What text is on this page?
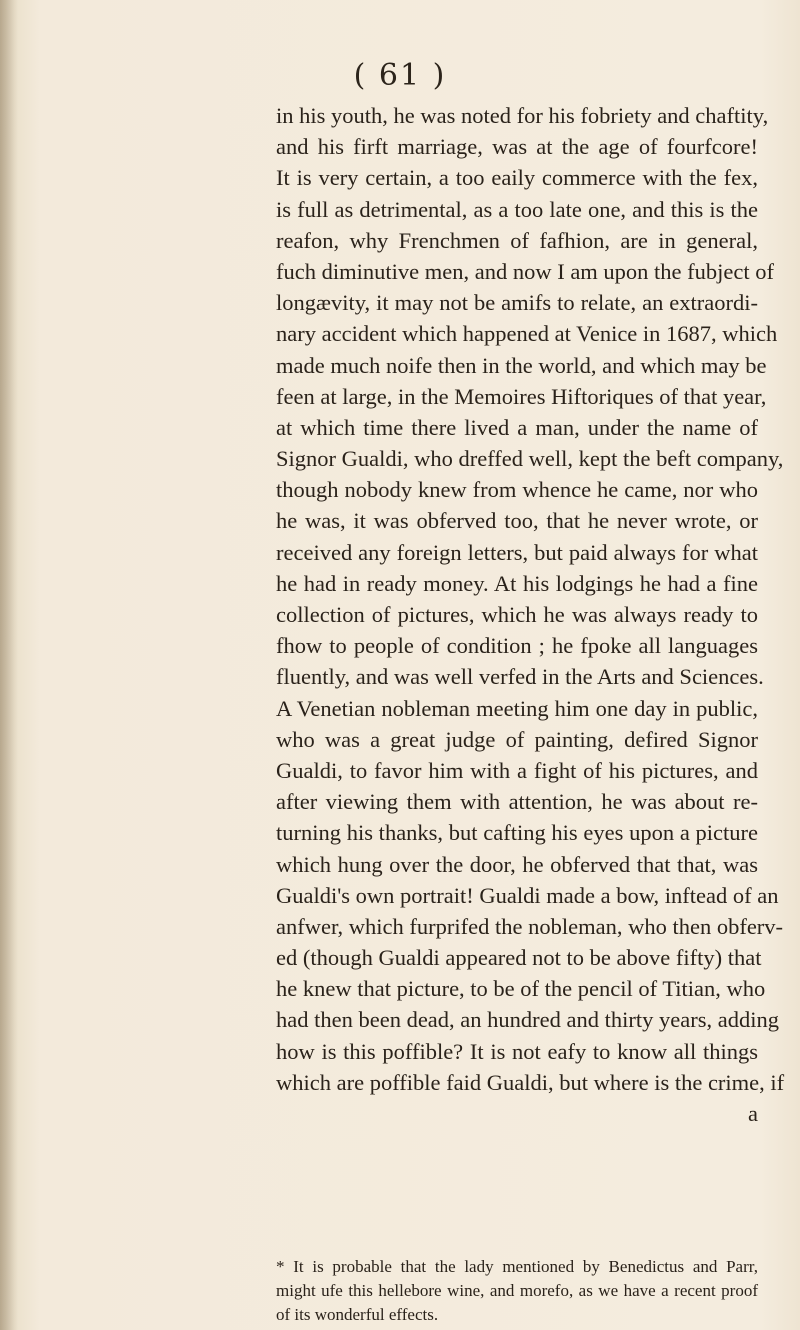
( 61 )
in his youth, he was noted for his fobriety and chaftity,
and his firft marriage, was at the age of fourfcore!
It is very certain, a too eaily commerce with the fex,
is full as detrimental, as a too late one, and this is the
reafon, why Frenchmen of fafhion, are in general,
fuch diminutive men, and now I am upon the fubject of
longævity, it may not be amifs to relate, an extraordi-
nary accident which happened at Venice in 1687, which
made much noife then in the world, and which may be
feen at large, in the Memoires Hiftoriques of that year,
at which time there lived a man, under the name of
Signor Gualdi, who dreffed well, kept the beft company,
though nobody knew from whence he came, nor who
he was, it was obferved too, that he never wrote, or
received any foreign letters, but paid always for what
he had in ready money. At his lodgings he had a fine
collection of pictures, which he was always ready to
fhow to people of condition ; he fpoke all languages
fluently, and was well verfed in the Arts and Sciences.
A Venetian nobleman meeting him one day in public,
who was a great judge of painting, defired Signor
Gualdi, to favor him with a fight of his pictures, and
after viewing them with attention, he was about re-
turning his thanks, but cafting his eyes upon a picture
which hung over the door, he obferved that that, was
Gualdi's own portrait! Gualdi made a bow, inftead of an
anfwer, which furprifed the nobleman, who then obferv-
ed (though Gualdi appeared not to be above fifty) that
he knew that picture, to be of the pencil of Titian, who
had then been dead, an hundred and thirty years, adding
how is this poffible? It is not eafy to know all things
which are poffible faid Gualdi, but where is the crime, if
a
* It is probable that the lady mentioned by Benedictus and Parr,
might ufe this hellebore wine, and morefo, as we have a recent proof
of its wonderful effects.
